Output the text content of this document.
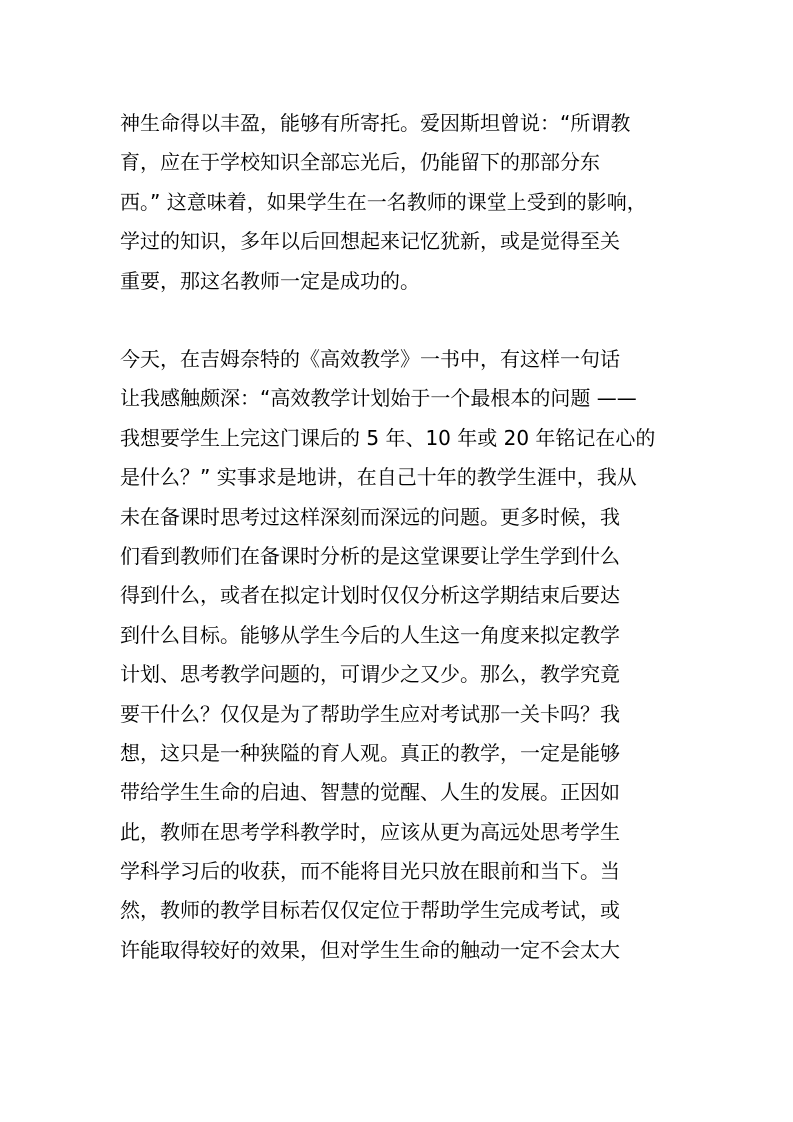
神生命得以丰盈，能够有所寄托。爱因斯坦曾说：“所谓教
育，应在于学校知识全部忘光后，仍能留下的那部分东
西。” 这意味着，如果学生在一名教师的课堂上受到的影响，
学过的知识，多年以后回想起来记忆犹新，或是觉得至关
重要，那这名教师一定是成功的。
今天，在吉姆奈特的《高效教学》一书中，有这样一句话
让我感触颇深：“高效教学计划始于一个最根本的问题 ——
我想要学生上完这门课后的 5 年、10 年或 20 年铭记在心的
是什么？” 实事求是地讲，在自己十年的教学生涯中，我从
未在备课时思考过这样深刻而深远的问题。更多时候，我
们看到教师们在备课时分析的是这堂课要让学生学到什么
得到什么，或者在拟定计划时仅仅分析这学期结束后要达
到什么目标。能够从学生今后的人生这一角度来拟定教学
计划、思考教学问题的，可谓少之又少。那么，教学究竟
要干什么？仅仅是为了帮助学生应对考试那一关卡吗？我
想，这只是一种狭隘的育人观。真正的教学，一定是能够
带给学生生命的启迪、智慧的觉醒、人生的发展。正因如
此，教师在思考学科教学时，应该从更为高远处思考学生
学科学习后的收获，而不能将目光只放在眼前和当下。当
然，教师的教学目标若仅仅定位于帮助学生完成考试，或
许能取得较好的效果，但对学生生命的触动一定不会太大
